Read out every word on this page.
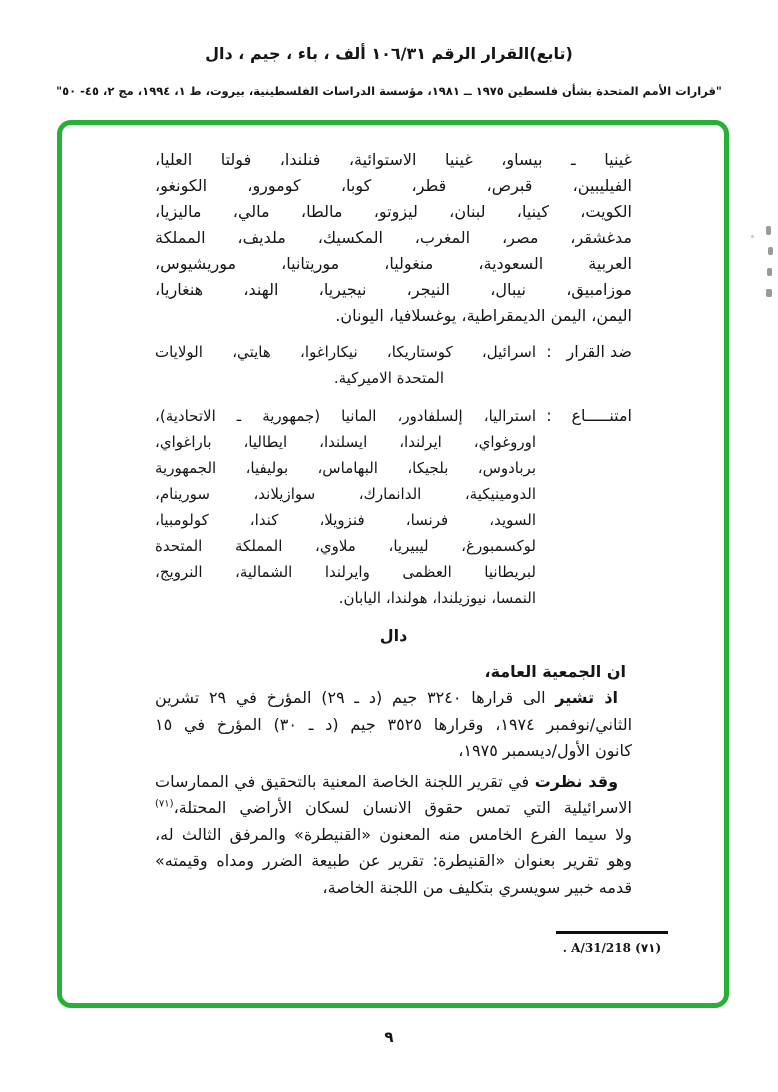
(تابع)القرار الرقم ١٠٦/٣١ ألف ، باء ، جيم ، دال
"قرارات الأمم المتحدة بشأن فلسطين ١٩٧٥ ــ ١٩٨١، مؤسسة الدراسات الفلسطينية، بيروت، ط ١، ١٩٩٤، مج ٢، ٤٥- ٥٠"
غينيا ـ بيساو، غينيا الاستوائية، فنلندا، فولتا العليا،
الفيليبين، قبرص، قطر، كوبا، كومورو، الكونغو،
الكويت، كينيا، لبنان، ليزوتو، مالطا، مالي، ماليزيا،
مدغشقر، مصر، المغرب، المكسيك، ملديف، المملكة
العربية السعودية، منغوليا، موريتانيا، موريشيوس،
موزامبيق، نيبال، النيجر، نيجيريا، الهند، هنغاريا،
اليمن، اليمن الديمقراطية، يوغسلافيا، اليونان.
ضد القرار
:
اسرائيل، كوستاريكا، نيكاراغوا، هايتي، الولايات
المتحدة الاميركية.
امتنـــــاع
:
استراليا، إلسلفادور، المانيا (جمهورية ـ الاتحادية)،
اوروغواي، ايرلندا، ايسلندا، ايطاليا، باراغواي،
بربادوس، بلجيكا، البهاماس، بوليفيا، الجمهورية
الدومينيكية، الدانمارك، سوازيلاند، سورينام،
السويد، فرنسا، فنزويلا، كندا، كولومبيا،
لوكسمبورغ، ليبيريا، ملاوي، المملكة المتحدة
لبريطانيا العظمى وايرلندا الشمالية، النرويج،
النمسا، نيوزيلندا، هولندا، اليابان.
دال
ان الجمعية العامة،
اذ تشير الى قرارها ٣٢٤٠ جيم (د ـ ٢٩) المؤرخ في ٢٩ تشرين
الثاني/نوفمبر ١٩٧٤، وقرارها ٣٥٢٥ جيم (د ـ ٣٠) المؤرخ في ١٥
كانون الأول/ديسمبر ١٩٧٥،
وقد نظرت في تقرير اللجنة الخاصة المعنية بالتحقيق في الممارسات
الاسرائيلية التي تمس حقوق الانسان لسكان الأراضي المحتلة،$^{(٧١)}$
ولا سيما الفرع الخامس منه المعنون «القنيطرة» والمرفق الثالث له،
وهو تقرير بعنوان «القنيطرة: تقرير عن طبيعة الضرر ومداه وقيمته»
قدمه خبير سويسري بتكليف من اللجنة الخاصة،
(٧١) A/31/218 .
٩
